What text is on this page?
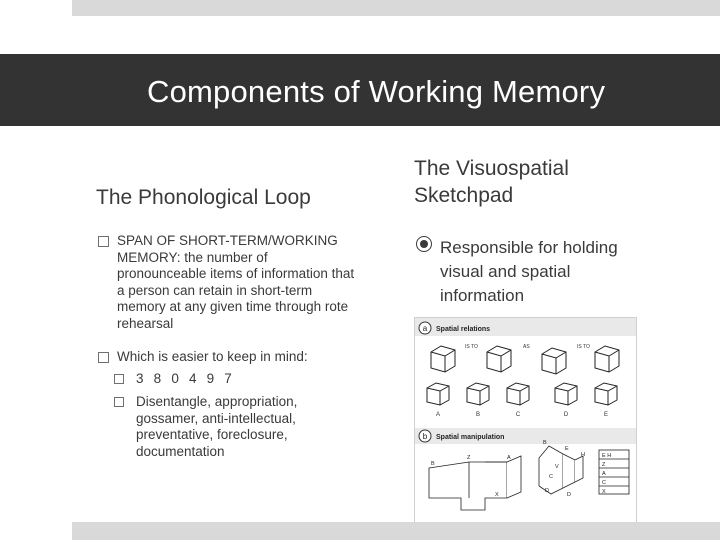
Components of Working Memory
The Phonological Loop
SPAN OF SHORT-TERM/WORKING MEMORY: the number of pronounceable items of information that a person can retain in short-term memory at any given time through rote rehearsal
Which is easier to keep in mind:
3 8 0 4 9 7
Disentangle, appropriation, gossamer, anti-intellectual, preventative, foreclosure, documentation
The Visuospatial Sketchpad
Responsible for holding visual and spatial information
a Spatial relations
IS TO	AS	IS TO
A	B	C	D	E
b Spatial manipulation
E H
Z
A
C
X
B
E
Z	A
B
H
V
X
C
D
D
